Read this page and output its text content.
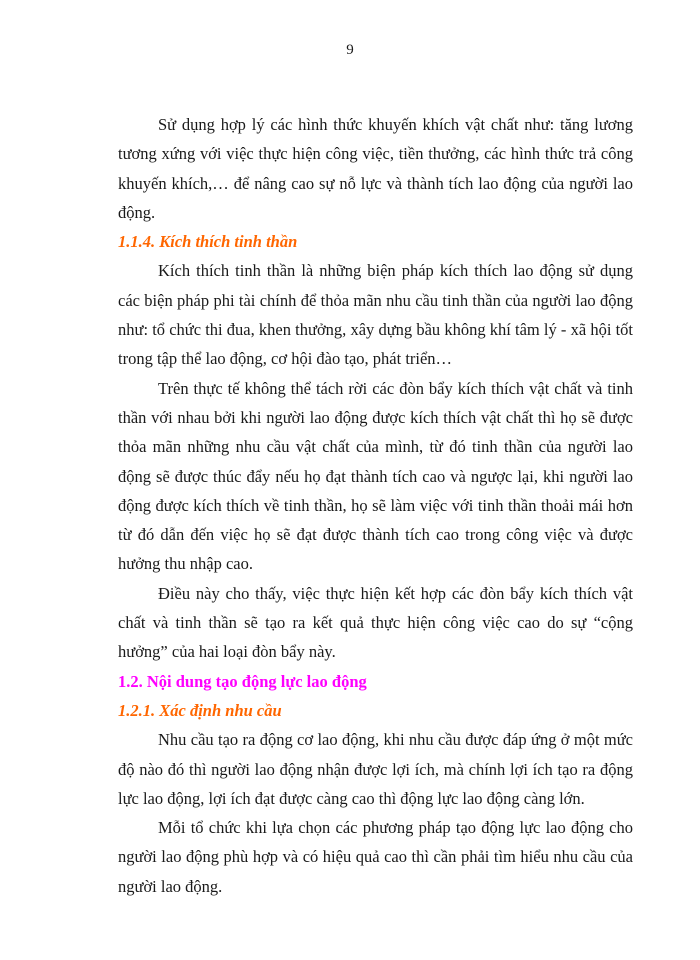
9

Sử dụng hợp lý các hình thức khuyến khích vật chất như: tăng lương tương xứng với việc thực hiện công việc, tiền thưởng, các hình thức trả công khuyến khích,… để nâng cao sự nỗ lực và thành tích lao động của người lao động.

1.1.4. Kích thích tinh thần

Kích thích tinh thần là những biện pháp kích thích lao động sử dụng các biện pháp phi tài chính để thỏa mãn nhu cầu tinh thần của người lao động như: tổ chức thi đua, khen thưởng, xây dựng bầu không khí tâm lý - xã hội tốt trong tập thể lao động, cơ hội đào tạo, phát triển…

Trên thực tế không thể tách rời các đòn bẩy kích thích vật chất và tinh thần với nhau bởi khi người lao động được kích thích vật chất thì họ sẽ được thỏa mãn những nhu cầu vật chất của mình, từ đó tinh thần của người lao động sẽ được thúc đẩy nếu họ đạt thành tích cao và ngược lại, khi người lao động được kích thích về tinh thần, họ sẽ làm việc với tinh thần thoải mái hơn từ đó dẫn đến việc họ sẽ đạt được thành tích cao trong công việc và được hưởng thu nhập cao.

Điều này cho thấy, việc thực hiện kết hợp các đòn bẩy kích thích vật chất và tinh thần sẽ tạo ra kết quả thực hiện công việc cao do sự “cộng hưởng” của hai loại đòn bẩy này.

1.2. Nội dung tạo động lực lao động

1.2.1. Xác định nhu cầu

Nhu cầu tạo ra động cơ lao động, khi nhu cầu được đáp ứng ở một mức độ nào đó thì người lao động nhận được lợi ích, mà chính lợi ích tạo ra động lực lao động, lợi ích đạt được càng cao thì động lực lao động càng lớn.

Mỗi tổ chức khi lựa chọn các phương pháp tạo động lực lao động cho người lao động phù hợp và có hiệu quả cao thì cần phải tìm hiểu nhu cầu của người lao động.
